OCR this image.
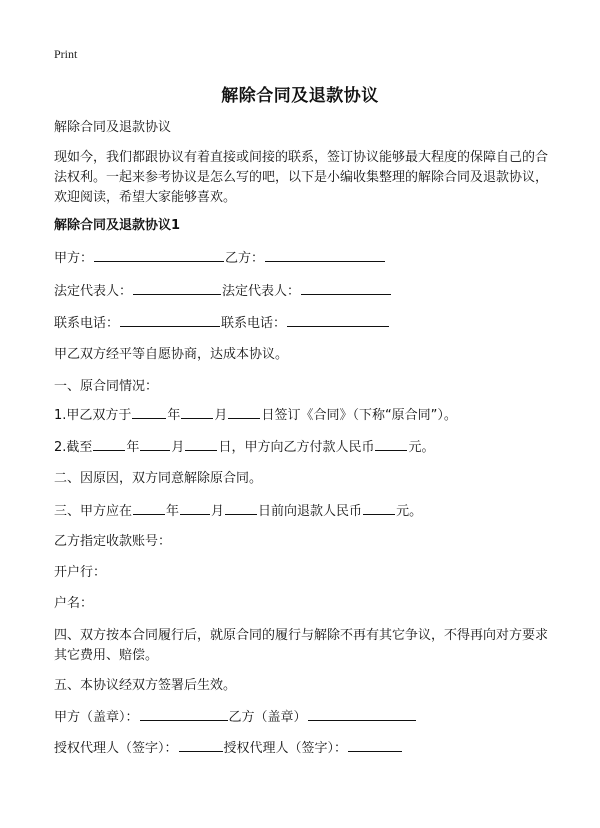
Print
解除合同及退款协议
解除合同及退款协议
现如今，我们都跟协议有着直接或间接的联系，签订协议能够最大程度的保障自己的合法权利。一起来参考协议是怎么写的吧，以下是小编收集整理的解除合同及退款协议，欢迎阅读，希望大家能够喜欢。
解除合同及退款协议1
甲方：	乙方：
法定代表人：	法定代表人：
联系电话：	联系电话：
甲乙双方经平等自愿协商，达成本协议。
一、原合同情况：
1.甲乙双方于	年	月	日签订《合同》（下称“原合同”）。
2.截至	年 月	日，甲方向乙方付款人民币	元。
二、因原因，双方同意解除原合同。
三、甲方应在	年 月	日前向退款人民币	元。
乙方指定收款账号：
开户行：
户名：
四、双方按本合同履行后，就原合同的履行与解除不再有其它争议，不得再向对方要求其它费用、赔偿。
五、本协议经双方签署后生效。
甲方（盖章）：	乙方（盖章）
授权代理人（签字）：	授权代理人（签字）：
